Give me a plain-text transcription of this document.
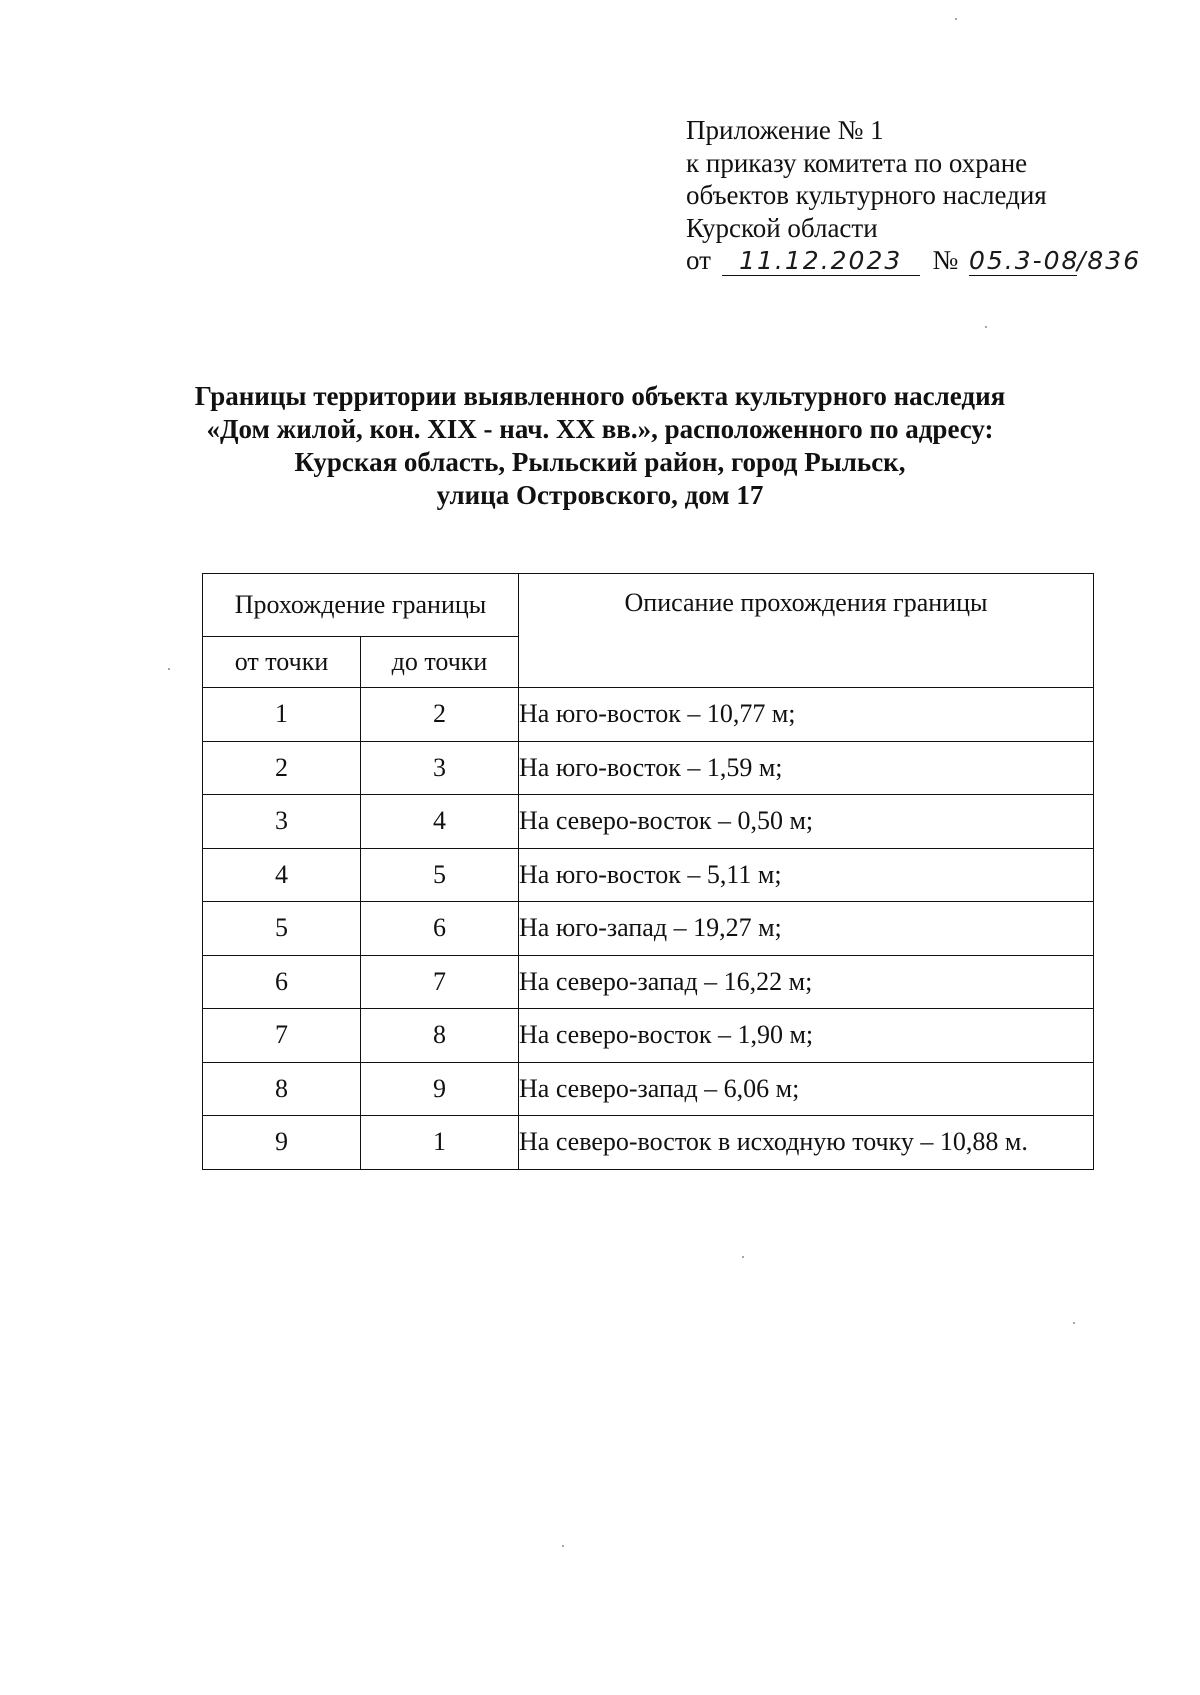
Приложение № 1
к приказу комитета по охране
объектов культурного наследия
Курской области
от 11.12.2023 № 05.3-08/836
Границы территории выявленного объекта культурного наследия
«Дом жилой, кон. XIX - нач. XX вв.», расположенного по адресу:
Курская область, Рыльский район, город Рыльск,
улица Островского, дом 17
Прохождение границы		Описание прохождения границы
от точки	до точки	
1	2	На юго-восток – 10,77 м;
2	3	На юго-восток – 1,59 м;
3	4	На северо-восток – 0,50 м;
4	5	На юго-восток – 5,11 м;
5	6	На юго-запад – 19,27 м;
6	7	На северо-запад – 16,22 м;
7	8	На северо-восток – 1,90 м;
8	9	На северо-запад – 6,06 м;
9	1	На северо-восток в исходную точку – 10,88 м.
